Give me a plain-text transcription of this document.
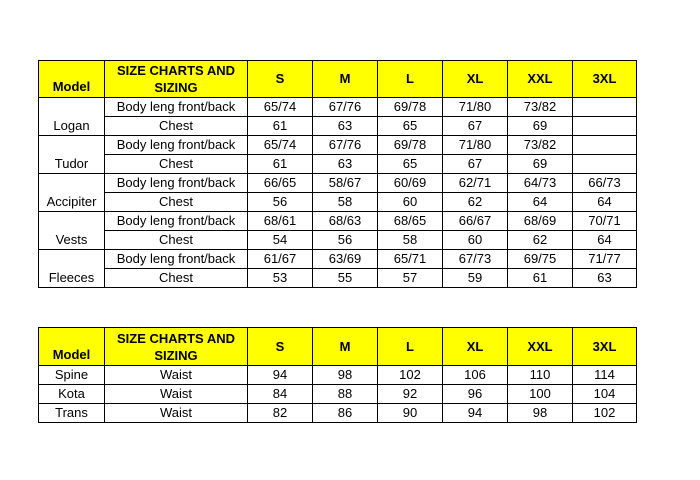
Model	SIZE CHARTS AND SIZING	S	M	L	XL	XXL	3XL
Logan	Body leng front/back	65/74	67/76	69/78	71/80	73/82	
	Chest	61	63	65	67	69	
Tudor	Body leng front/back	65/74	67/76	69/78	71/80	73/82	
	Chest	61	63	65	67	69	
Accipiter	Body leng front/back	66/65	58/67	60/69	62/71	64/73	66/73
	Chest	56	58	60	62	64	64
Vests	Body leng front/back	68/61	68/63	68/65	66/67	68/69	70/71
	Chest	54	56	58	60	62	64
Fleeces	Body leng front/back	61/67	63/69	65/71	67/73	69/75	71/77
	Chest	53	55	57	59	61	63
Model	SIZE CHARTS AND SIZING	S	M	L	XL	XXL	3XL
Spine	Waist	94	98	102	106	110	114
Kota	Waist	84	88	92	96	100	104
Trans	Waist	82	86	90	94	98	102
